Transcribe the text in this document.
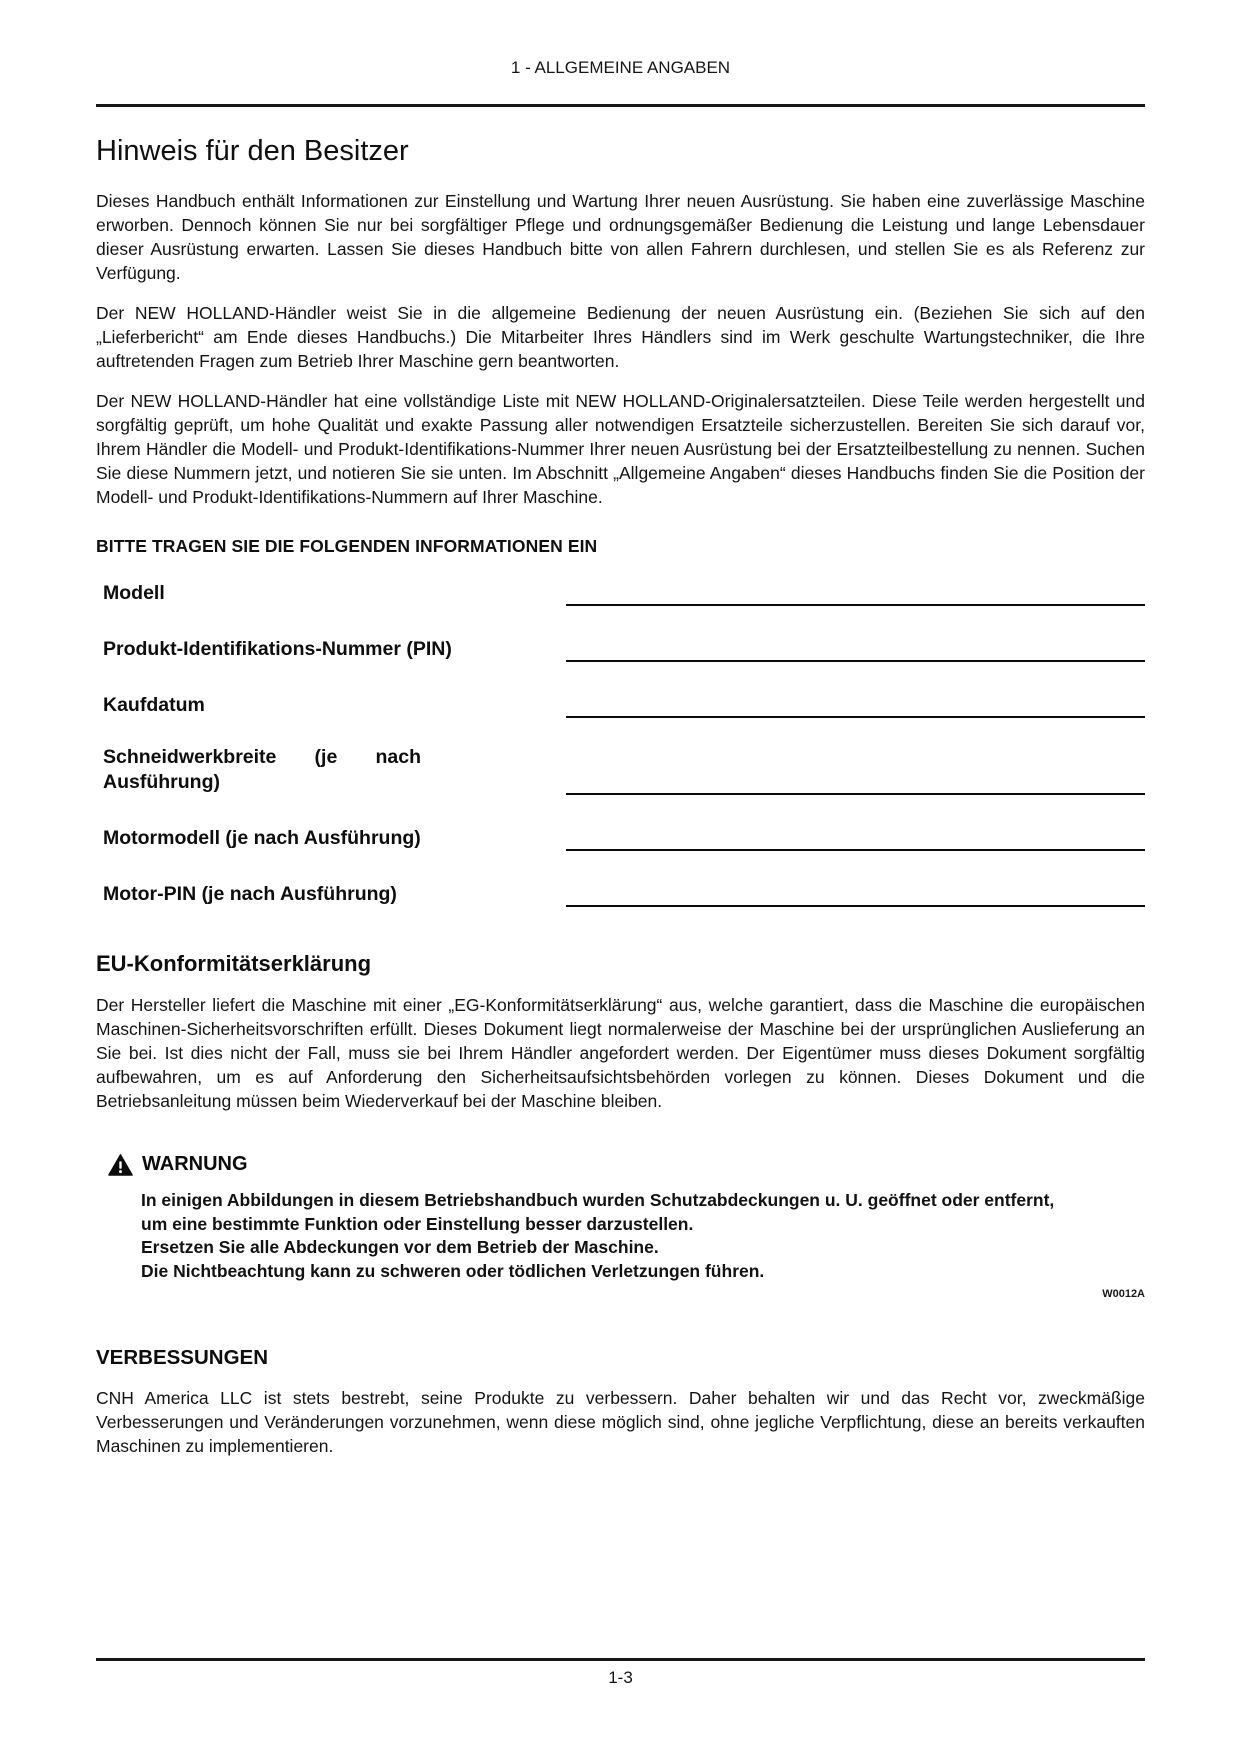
1 - ALLGEMEINE ANGABEN
Hinweis für den Besitzer

Dieses Handbuch enthält Informationen zur Einstellung und Wartung Ihrer neuen Ausrüstung. Sie haben eine zuverlässige Maschine erworben. Dennoch können Sie nur bei sorgfältiger Pflege und ordnungsgemäßer Bedienung die Leistung und lange Lebensdauer dieser Ausrüstung erwarten. Lassen Sie dieses Handbuch bitte von allen Fahrern durchlesen, und stellen Sie es als Referenz zur Verfügung.

Der NEW HOLLAND-Händler weist Sie in die allgemeine Bedienung der neuen Ausrüstung ein. (Beziehen Sie sich auf den „Lieferbericht“ am Ende dieses Handbuchs.) Die Mitarbeiter Ihres Händlers sind im Werk geschulte Wartungstechniker, die Ihre auftretenden Fragen zum Betrieb Ihrer Maschine gern beantworten.

Der NEW HOLLAND-Händler hat eine vollständige Liste mit NEW HOLLAND-Originalersatzteilen. Diese Teile werden hergestellt und sorgfältig geprüft, um hohe Qualität und exakte Passung aller notwendigen Ersatzteile sicherzustellen. Bereiten Sie sich darauf vor, Ihrem Händler die Modell- und Produkt-Identifikations-Nummer Ihrer neuen Ausrüstung bei der Ersatzteilbestellung zu nennen. Suchen Sie diese Nummern jetzt, und notieren Sie sie unten. Im Abschnitt „Allgemeine Angaben“ dieses Handbuchs finden Sie die Position der Modell- und Produkt-Identifikations-Nummern auf Ihrer Maschine.

BITTE TRAGEN SIE DIE FOLGENDEN INFORMATIONEN EIN
Modell
Produkt-Identifikations-Nummer (PIN)
Kaufdatum
Schneidwerkbreite (je nach Ausführung)
Motormodell (je nach Ausführung)
Motor-PIN (je nach Ausführung)
EU-Konformitätserklärung

Der Hersteller liefert die Maschine mit einer „EG-Konformitätserklärung“ aus, welche garantiert, dass die Maschine die europäischen Maschinen-Sicherheitsvorschriften erfüllt. Dieses Dokument liegt normalerweise der Maschine bei der ursprünglichen Auslieferung an Sie bei. Ist dies nicht der Fall, muss sie bei Ihrem Händler angefordert werden. Der Eigentümer muss dieses Dokument sorgfältig aufbewahren, um es auf Anforderung den Sicherheitsaufsichtsbehörden vorlegen zu können. Dieses Dokument und die Betriebsanleitung müssen beim Wiederverkauf bei der Maschine bleiben.

WARNUNG
In einigen Abbildungen in diesem Betriebshandbuch wurden Schutzabdeckungen u. U. geöffnet oder entfernt, um eine bestimmte Funktion oder Einstellung besser darzustellen.
Ersetzen Sie alle Abdeckungen vor dem Betrieb der Maschine.
Die Nichtbeachtung kann zu schweren oder tödlichen Verletzungen führen.
W0012A
VERBESSUNGEN

CNH America LLC ist stets bestrebt, seine Produkte zu verbessern. Daher behalten wir und das Recht vor, zweckmäßige Verbesserungen und Veränderungen vorzunehmen, wenn diese möglich sind, ohne jegliche Verpflichtung, diese an bereits verkauften Maschinen zu implementieren.

1-3
